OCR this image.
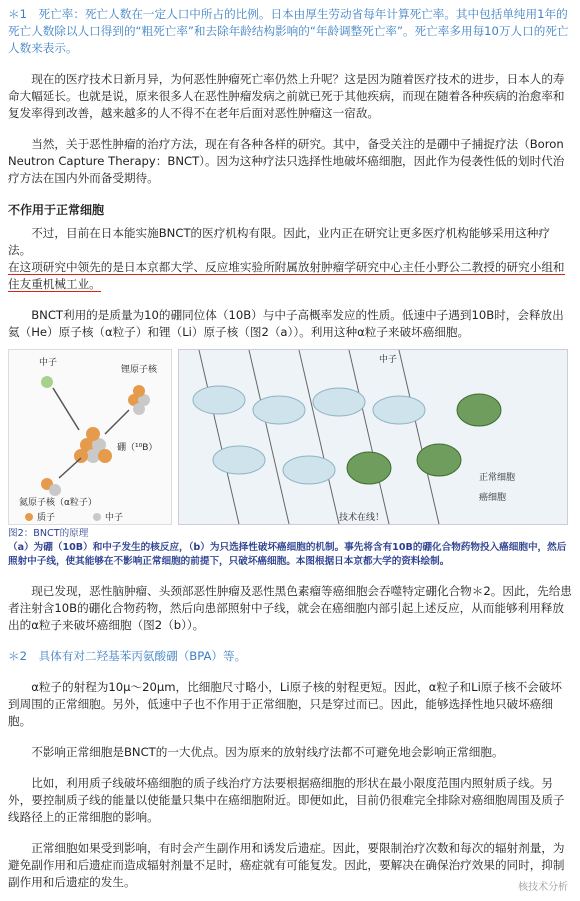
＊1　死亡率：死亡人数在一定人口中所占的比例。日本由厚生劳动省每年计算死亡率。其中包括单纯用1年的死亡人数除以人口得到的“粗死亡率”和去除年龄结构影响的“年龄调整死亡率”。死亡率多用每10万人口的死亡人数来表示。

现在的医疗技术日新月异，为何恶性肿瘤死亡率仍然上升呢？这是因为随着医疗技术的进步，日本人的寿命大幅延长。也就是说，原来很多人在恶性肿瘤发病之前就已死于其他疾病，而现在随着各种疾病的治愈率和复发率得到改善，越来越多的人不得不在老年后面对恶性肿瘤这一宿敌。

当然，关于恶性肿瘤的治疗方法，现在有各种各样的研究。其中，备受关注的是硼中子捕捉疗法（Boron Neutron Capture Therapy：BNCT）。因为这种疗法只选择性地破坏癌细胞，因此作为侵袭性低的划时代治疗方法在国内外而备受期待。

不作用于正常细胞

不过，目前在日本能实施BNCT的医疗机构有限。因此，业内正在研究让更多医疗机构能够采用这种疗法。

在这项研究中领先的是日本京都大学、反应堆实验所附属放射肿瘤学研究中心主任小野公二教授的研究小组和住友重机械工业。

BNCT利用的是质量为10的硼同位体（10B）与中子高概率发应的性质。低速中子遇到10B时，会释放出氦（He）原子核（α粒子）和锂（Li）原子核（图2（a））。利用这种α粒子来破坏癌细胞。

中子
硼（¹⁰B）
锂原子核
氦原子核（α粒子）
质子	中子
中子
正常细胞
癌细胞
技术在线！
图2：BNCT的原理
（a）为硼（10B）和中子发生的核反应，（b）为只选择性破坏癌细胞的机制。事先将含有10B的硼化合物药物投入癌细胞中，然后照射中子线，使其能够在不影响正常细胞的前提下，只破坏癌细胞。本图根据日本京都大学的资料绘制。

现已发现，恶性脑肿瘤、头颈部恶性肿瘤及恶性黑色素瘤等癌细胞会吞噬特定硼化合物＊2。因此，先给患者注射含10B的硼化合物药物，然后向患部照射中子线，就会在癌细胞内部引起上述反应，从而能够利用释放出的α粒子来破坏癌细胞（图2（b））。

＊2　具体有对二羟基苯丙氨酸硼（BPA）等。

α粒子的射程为10μ～20μm，比细胞尺寸略小，Li原子核的射程更短。因此，α粒子和Li原子核不会破坏到周围的正常细胞。另外，低速中子也不作用于正常细胞，只是穿过而已。因此，能够选择性地只破坏癌细胞。

不影响正常细胞是BNCT的一大优点。因为原来的放射线疗法都不可避免地会影响正常细胞。

比如，利用质子线破坏癌细胞的质子线治疗方法要根据癌细胞的形状在最小限度范围内照射质子线。另外，要控制质子线的能量以使能量只集中在癌细胞附近。即便如此，目前仍很难完全排除对癌细胞周围及质子线路径上的正常细胞的影响。

正常细胞如果受到影响，有时会产生副作用和诱发后遗症。因此，要限制治疗次数和每次的辐射剂量，为避免副作用和后遗症而造成辐射剂量不足时，癌症就有可能复发。因此，要解决在确保治疗效果的同时，抑制副作用和后遗症的发生。	核技术分析
